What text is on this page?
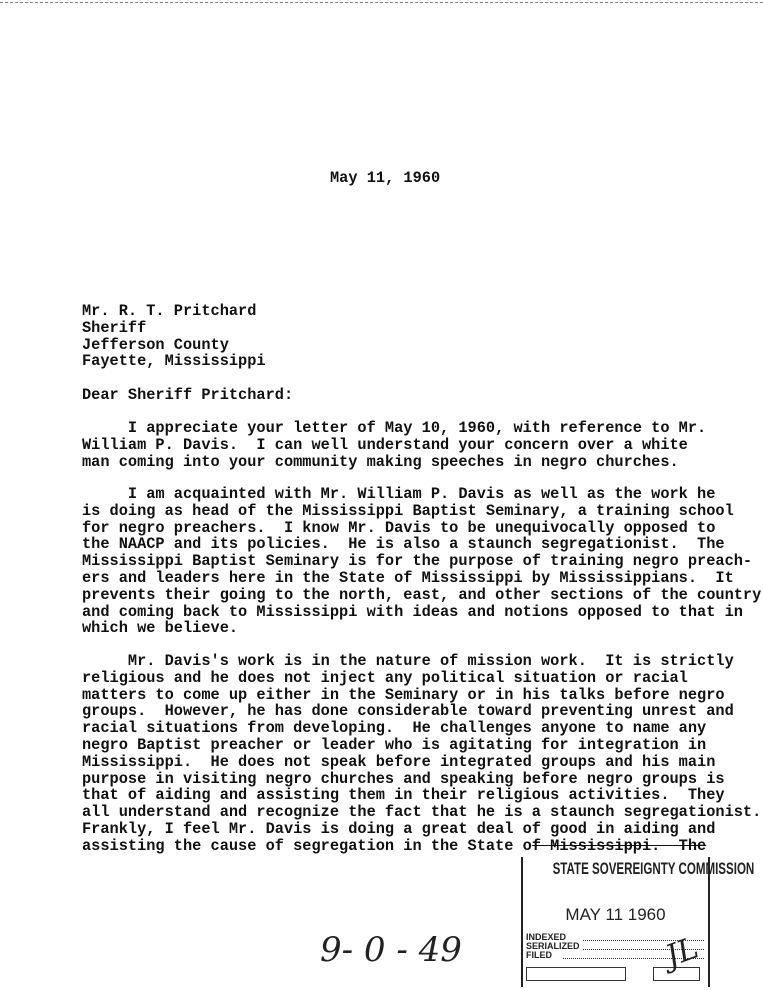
May 11, 1960
Mr. R. T. Pritchard
Sheriff
Jefferson County
Fayette, Mississippi
Dear Sheriff Pritchard:
I appreciate your letter of May 10, 1960, with reference to Mr.
William P. Davis.  I can well understand your concern over a white
man coming into your community making speeches in negro churches.
I am acquainted with Mr. William P. Davis as well as the work he
is doing as head of the Mississippi Baptist Seminary, a training school
for negro preachers.  I know Mr. Davis to be unequivocally opposed to
the NAACP and its policies.  He is also a staunch segregationist.  The
Mississippi Baptist Seminary is for the purpose of training negro preach-
ers and leaders here in the State of Mississippi by Mississippians.  It
prevents their going to the north, east, and other sections of the country
and coming back to Mississippi with ideas and notions opposed to that in
which we believe.
Mr. Davis's work is in the nature of mission work.  It is strictly
religious and he does not inject any political situation or racial
matters to come up either in the Seminary or in his talks before negro
groups.  However, he has done considerable toward preventing unrest and
racial situations from developing.  He challenges anyone to name any
negro Baptist preacher or leader who is agitating for integration in
Mississippi.  He does not speak before integrated groups and his main
purpose in visiting negro churches and speaking before negro groups is
that of aiding and assisting them in their religious activities.  They
all understand and recognize the fact that he is a staunch segregationist.
Frankly, I feel Mr. Davis is doing a great deal of good in aiding and
assisting the cause of segregation in the State of Mississippi.  The
STATE SOVEREIGNTY COMMISSION
MAY 11 1960
INDEXED
SERIALIZED
FILED
9- 0 - 49	JL
